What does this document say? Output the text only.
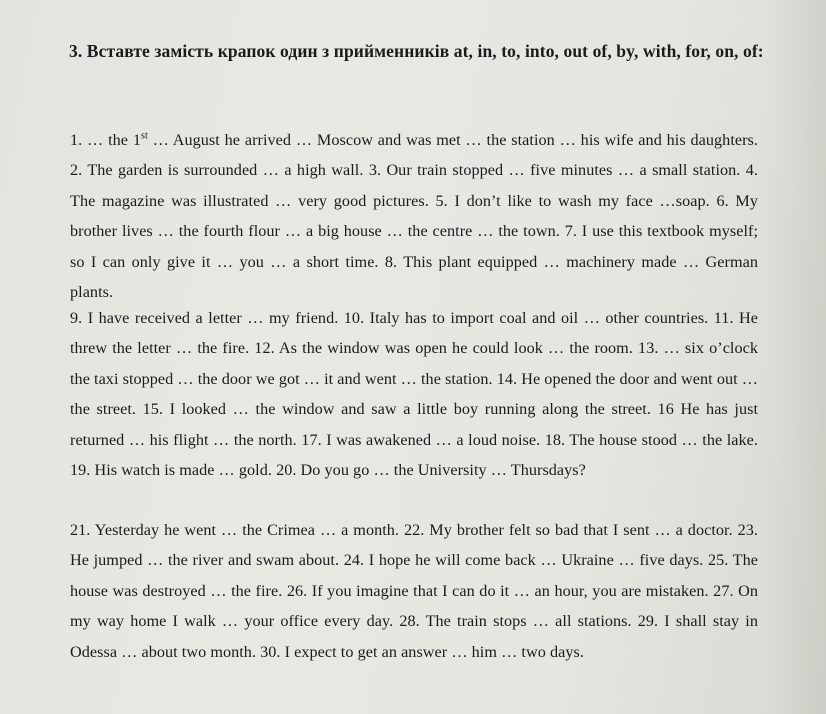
3. Вставте замість крапок один з прийменників at, in, to, into, out of, by, with, for, on, of:
1. … the 1st … August he arrived … Moscow and was met … the station … his wife and his daughters. 2. The garden is surrounded … a high wall. 3. Our train stopped … five minutes … a small station. 4. The magazine was illustrated … very good pictures. 5. I don’t like to wash my face …soap. 6. My brother lives … the fourth flour … a big house … the centre … the town. 7. I use this textbook myself; so I can only give it … you … a short time. 8. This plant equipped … machinery made … German plants.
9. I have received a letter … my friend. 10. Italy has to import coal and oil … other countries. 11. He threw the letter … the fire. 12. As the window was open he could look … the room. 13. … six o’clock the taxi stopped … the door we got … it and went … the station. 14. He opened the door and went out … the street. 15. I looked … the window and saw a little boy running along the street. 16 He has just returned … his flight … the north. 17. I was awakened … a loud noise. 18. The house stood … the lake. 19. His watch is made … gold. 20. Do you go … the University … Thursdays?
21. Yesterday he went … the Crimea … a month. 22. My brother felt so bad that I sent … a doctor. 23. He jumped … the river and swam about. 24. I hope he will come back … Ukraine … five days. 25. The house was destroyed … the fire. 26. If you imagine that I can do it … an hour, you are mistaken. 27. On my way home I walk … your office every day. 28. The train stops … all stations. 29. I shall stay in Odessa … about two month. 30. I expect to get an answer … him … two days.
